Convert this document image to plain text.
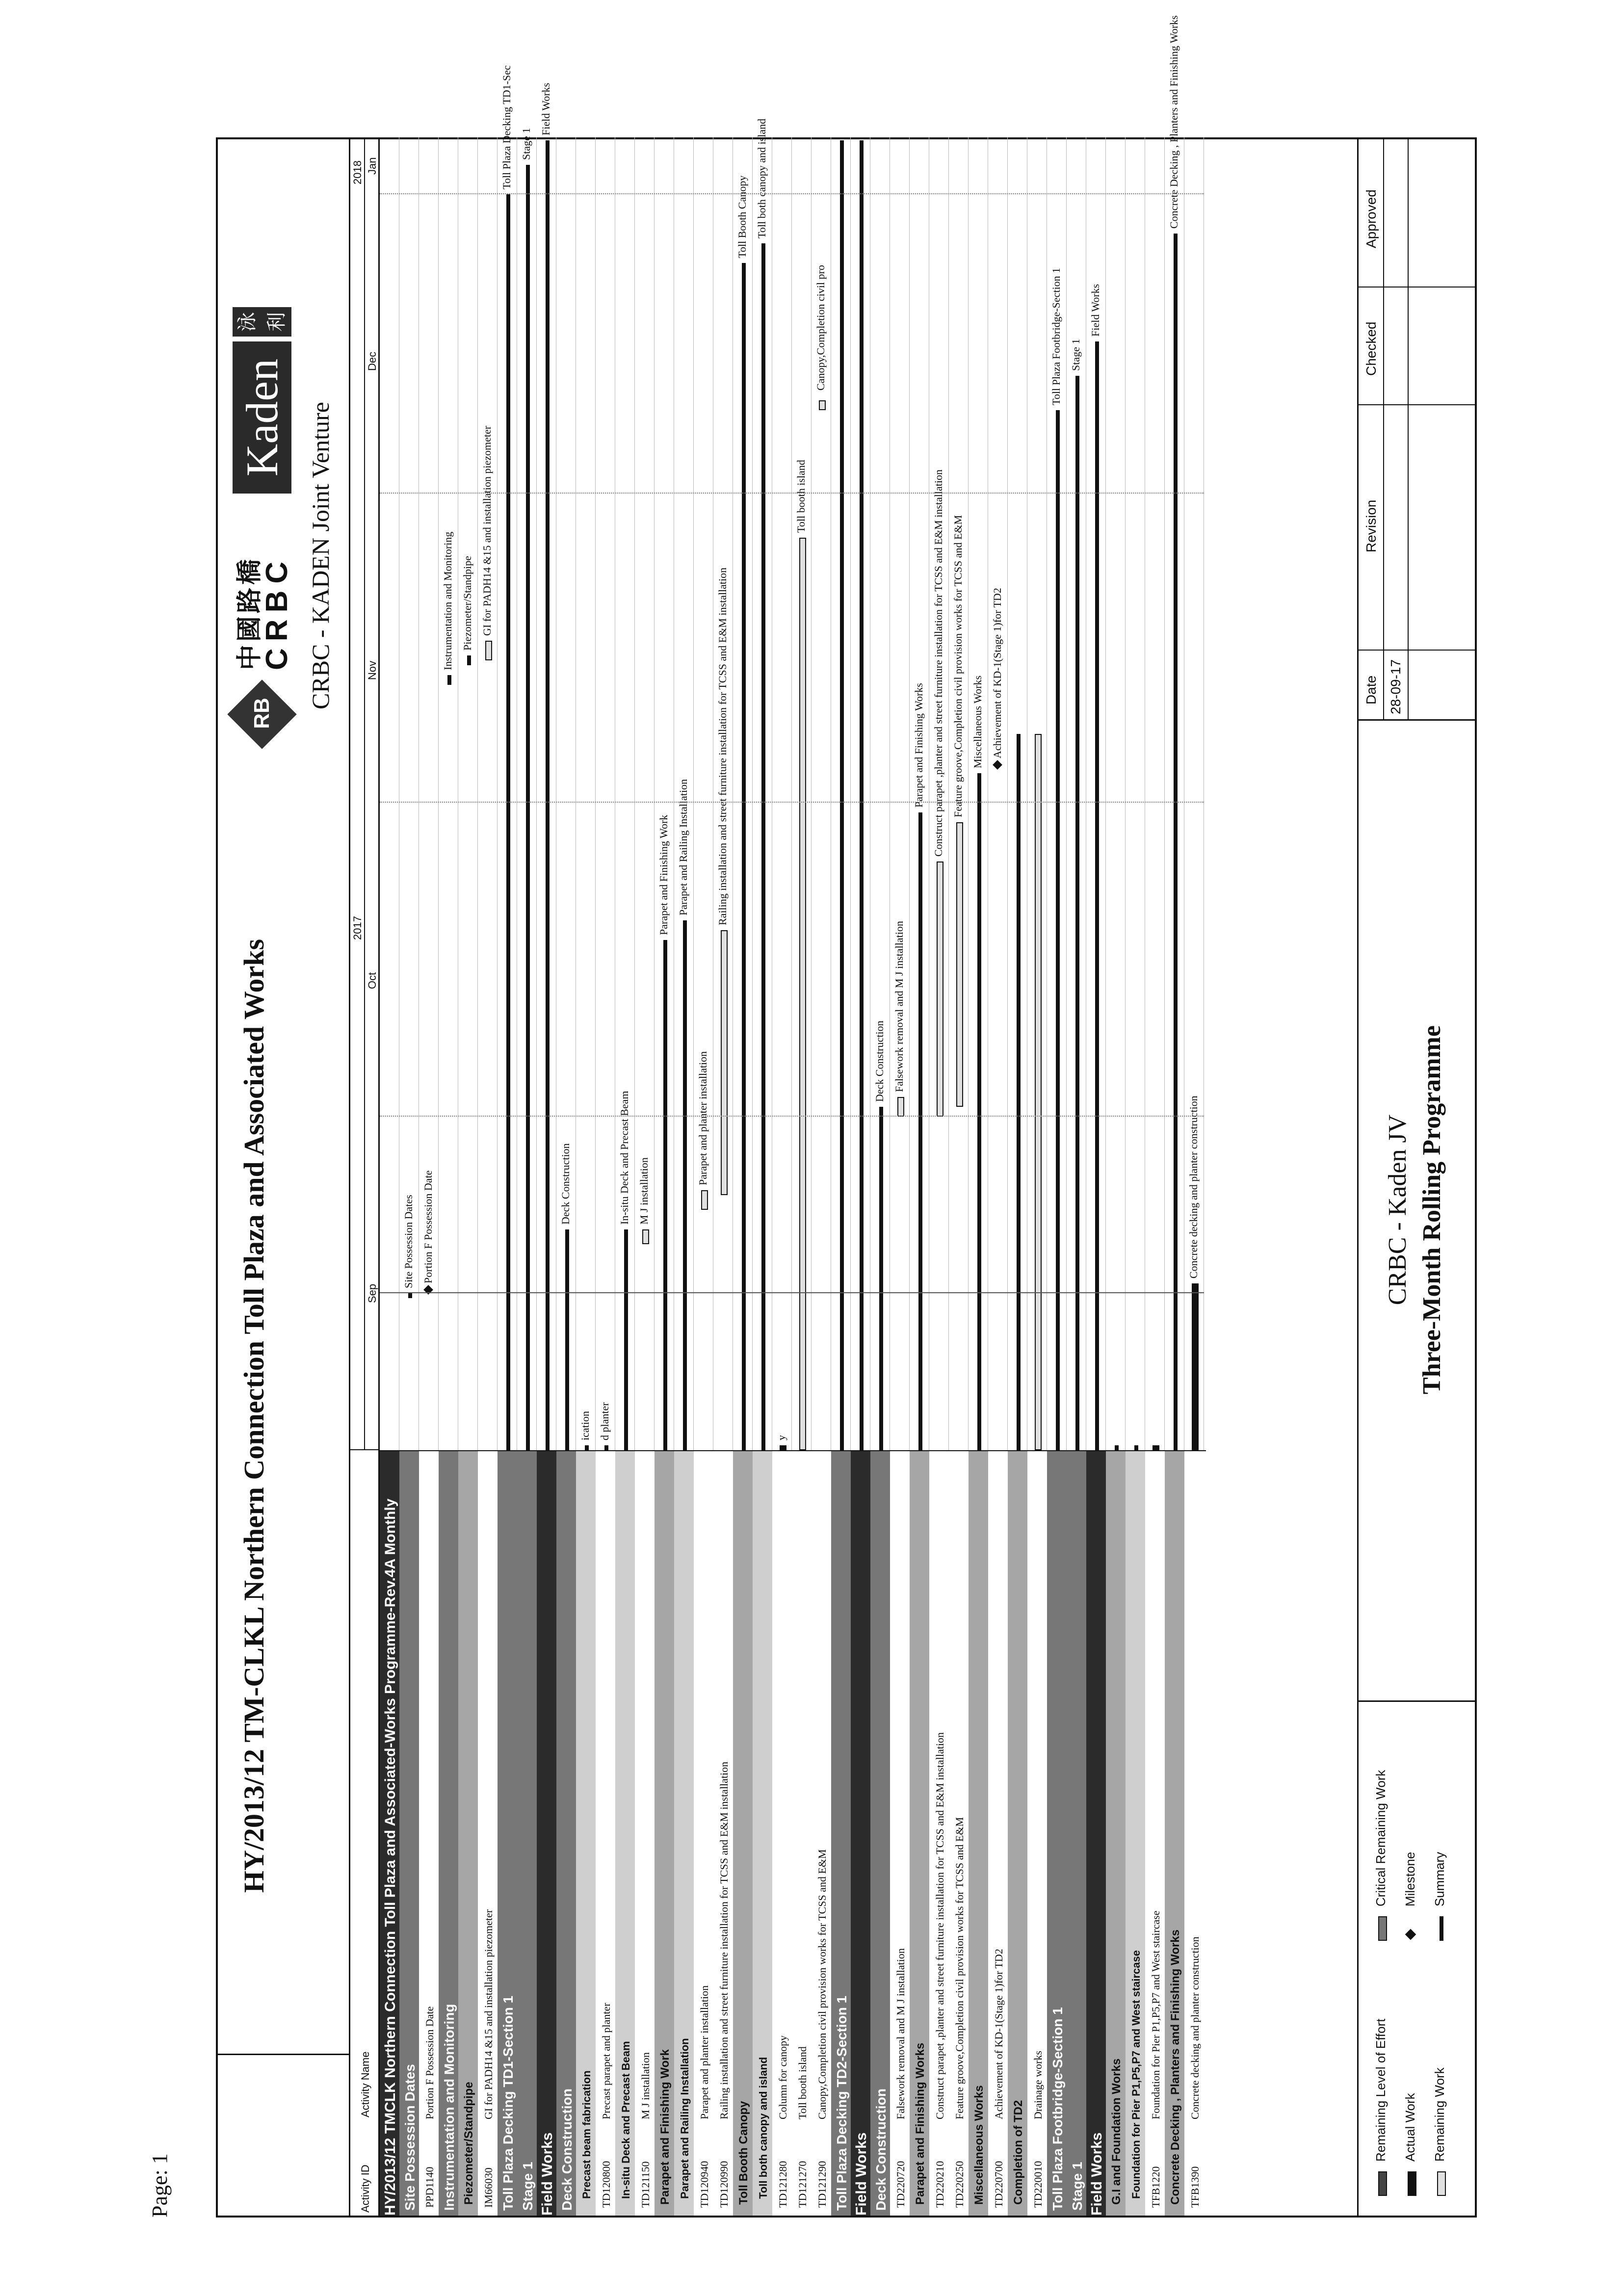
Page: 1
HY/2013/12 TM-CLKL Northern Connection Toll Plaza and Associated Works
RB
中國路橋
CRBC
Kaden
泳利
CRBC - KADEN Joint Venture
Activity ID
Activity Name
2017
2018
Sep
Oct
Nov
Dec
Jan
HY/2013/12 TMCLK Northern Connection Toll Plaza and Associated-Works Programme-Rev.4A Monthly Site Possession Dates
Site Possession Dates
PPD1140Portion F Possession Date
Portion F Possession Date
Instrumentation and Monitoring
Instrumentation and Monitoring
Piezometer/Standpipe
Piezometer/Standpipe
IM66030GI for PADH14 &15 and installation piezometer
GI for PADH14 &15 and installation piezometer
Toll Plaza Decking TD1-Section 1
Toll Plaza Decking TD1-Sec
Stage 1
Stage 1
Field Works
Field Works
Deck Construction
Deck Construction
Precast beam fabrication
ication
TD120800Precast parapet and planter
d planter
In-situ Deck and Precast Beam
In-situ Deck and Precast Beam
TD121150M J installation
M J installation
Parapet and Finishing Work
Parapet and Finishing Work
Parapet and Railing Installation
Parapet and Railing Installation
TD120940Parapet and planter installation
Parapet and planter installation
TD120990Railing installation and street furniture installation for TCSS and E&M installation
Railing installation and street furniture installation for TCSS and E&M installation
Toll Booth Canopy
Toll Booth Canopy
Toll both canopy and island
Toll both canopy and island
TD121280Column for canopy
y
TD121270Toll booth island
Toll booth island
TD121290Canopy,Completion civil provision works for TCSS and E&M
Canopy,Completion civil pro
Toll Plaza Decking TD2-Section 1 Field Works Deck Construction
Deck Construction
TD220720Falsework removal and M J installation
Falsework removal and M J installation
Parapet and Finishing Works
Parapet and Finishing Works
TD220210Construct parapet ,planter and street furniture installation for TCSS and E&M installation
Construct parapet ,planter and street furniture installation for TCSS and E&M installation
TD220250Feature groove,Completion civil provision works for TCSS and E&M
Feature groove,Completion civil provision works for TCSS and E&M
Miscellaneous Works
Miscellaneous Works
TD220700Achievement of KD-1(Stage 1)for TD2
Achievement of KD-1(Stage 1)for TD2
Completion of TD2 TD220010Drainage works Toll Plaza Footbridge-Section 1
Toll Plaza Footbridge-Section 1
Stage 1
Stage 1
Field Works
Field Works
G.I and Foundation Works Foundation for Pier P1,P5,P7 and West staircase TFB1220Foundation for Pier P1,P5,P7 and West staircase Concrete Decking , Planters and Finishing Works
Concrete Decking , Planters and Finishing Works
TFB1390Concrete decking and planter construction
Concrete decking and planter construction
Remaining Level of Effort Actual Work Remaining Work
Critical Remaining Work Milestone Summary
CRBC - Kaden JV Three-Month Rolling Programme
Date
Revision
Checked
Approved
28-09-17
